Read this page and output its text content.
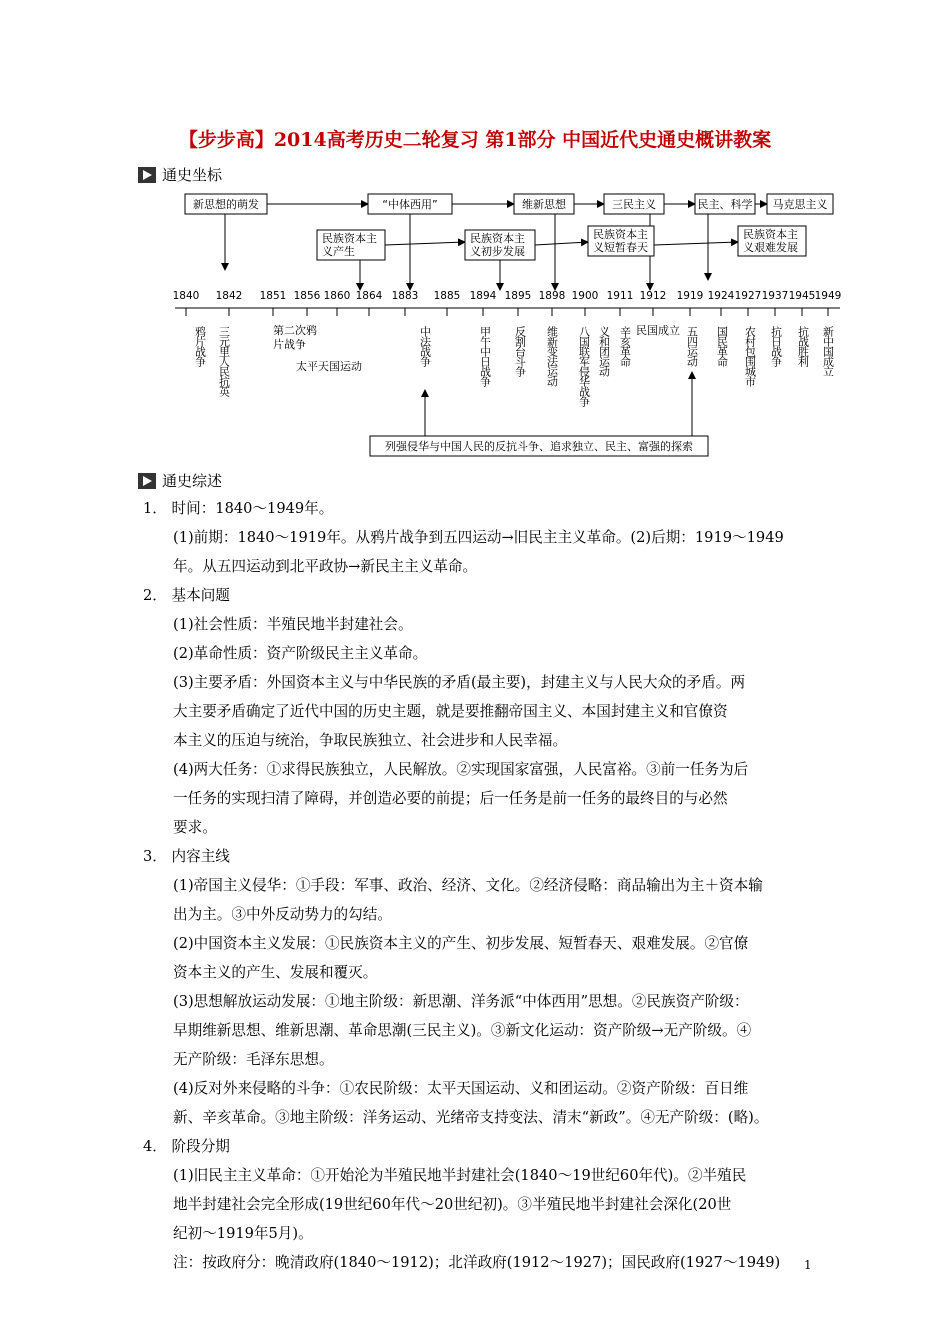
【步步高】2014高考历史二轮复习 第1部分 中国近代史通史概讲教案
通史坐标
1840 1842 1851 1856 1860 1864 1883 1885 1894 1895 1898 1900 1911 1912 1919 1924 1927 1937 1945 1949
新思想的萌发	“中体西用”	维新思想	三民主义	民主、科学 马克思主义
民族资本主
义产生
民族资本主
义初步发展
民族资本主
义短暂春天
民族资本主
义艰难发展
鸦片战争 三元里人民抗英	中法战争	甲午中日战争 反割台斗争 维新变法运动 八国联军侵华战争 义和团运动 辛亥革命	五四运动 国民革命 农村包围城市 抗日战争 抗战胜利 新中国成立
第二次鸦
片战争
太平天国运动
民国成立
列强侵华与中国人民的反抗斗争、追求独立、民主、富强的探索
通史综述

1． 时间：1840～1949年。

(1)前期：1840～1919年。从鸦片战争到五四运动→旧民主主义革命。(2)后期：1919～1949

年。从五四运动到北平政协→新民主主义革命。

2． 基本问题

(1)社会性质：半殖民地半封建社会。

(2)革命性质：资产阶级民主主义革命。

(3)主要矛盾：外国资本主义与中华民族的矛盾(最主要)，封建主义与人民大众的矛盾。两

大主要矛盾确定了近代中国的历史主题，就是要推翻帝国主义、本国封建主义和官僚资

本主义的压迫与统治，争取民族独立、社会进步和人民幸福。

(4)两大任务：①求得民族独立，人民解放。②实现国家富强，人民富裕。③前一任务为后

一任务的实现扫清了障碍，并创造必要的前提；后一任务是前一任务的最终目的与必然

要求。

3． 内容主线

(1)帝国主义侵华：①手段：军事、政治、经济、文化。②经济侵略：商品输出为主＋资本输

出为主。③中外反动势力的勾结。

(2)中国资本主义发展：①民族资本主义的产生、初步发展、短暂春天、艰难发展。②官僚

资本主义的产生、发展和覆灭。

(3)思想解放运动发展：①地主阶级：新思潮、洋务派“中体西用”思想。②民族资产阶级：

早期维新思想、维新思潮、革命思潮(三民主义)。③新文化运动：资产阶级→无产阶级。④

无产阶级：毛泽东思想。

(4)反对外来侵略的斗争：①农民阶级：太平天国运动、义和团运动。②资产阶级：百日维

新、辛亥革命。③地主阶级：洋务运动、光绪帝支持变法、清末“新政”。④无产阶级：(略)。

4． 阶段分期

(1)旧民主主义革命：①开始沦为半殖民地半封建社会(1840～19世纪60年代)。②半殖民

地半封建社会完全形成(19世纪60年代～20世纪初)。③半殖民地半封建社会深化(20世

纪初～1919年5月)。

注：按政府分：晚清政府(1840～1912)；北洋政府(1912～1927)；国民政府(1927～1949)	1
